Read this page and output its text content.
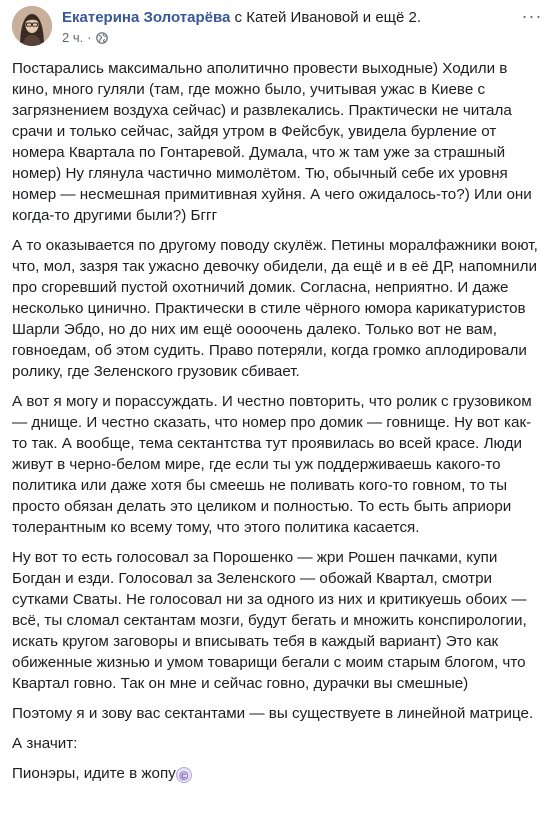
Екатерина Золотарёва с Катей Ивановой и ещё 2.
2 ч. ·
···

Постарались максимально аполитично провести выходные) Ходили в кино, много гуляли (там, где можно было, учитывая ужас в Киеве с загрязнением воздуха сейчас) и развлекались. Практически не читала срачи и только сейчас, зайдя утром в Фейсбук, увидела бурление от номера Квартала по Гонтаревой. Думала, что ж там уже за страшный номер) Ну глянула частично мимолётом. Тю, обычный себе их уровня номер — несмешная примитивная хуйня. А чего ожидалось-то?) Или они когда-то другими были?) Бггг

А то оказывается по другому поводу скулёж. Петины моралфажники воют, что, мол, зазря так ужасно девочку обидели, да ещё и в её ДР, напомнили про сгоревший пустой охотничий домик. Согласна, неприятно. И даже несколько цинично. Практически в стиле чёрного юмора карикатуристов Шарли Эбдо, но до них им ещё оооочень далеко. Только вот не вам, говноедам, об этом судить. Право потеряли, когда громко аплодировали ролику, где Зеленского грузовик сбивает.

А вот я могу и порассуждать. И честно повторить, что ролик с грузовиком — днище. И честно сказать, что номер про домик — говнище. Ну вот как-то так. А вообще, тема сектантства тут проявилась во всей красе. Люди живут в черно-белом мире, где если ты уж поддерживаешь какого-то политика или даже хотя бы смеешь не поливать кого-то говном, то ты просто обязан делать это целиком и полностью. То есть быть априори толерантным ко всему тому, что этого политика касается.

Ну вот то есть голосовал за Порошенко — жри Рошен пачками, купи Богдан и езди. Голосовал за Зеленского — обожай Квартал, смотри сутками Сваты. Не голосовал ни за одного из них и критикуешь обоих — всё, ты сломал сектантам мозги, будут бегать и множить конспирологии, искать кругом заговоры и вписывать тебя в каждый вариант) Это как обиженные жизнью и умом товарищи бегали с моим старым блогом, что Квартал говно. Так он мне и сейчас говно, дурачки вы смешные)

Поэтому я и зову вас сектантами — вы существуете в линейной матрице.

А значит:

Пионэры, идите в жопу ©
